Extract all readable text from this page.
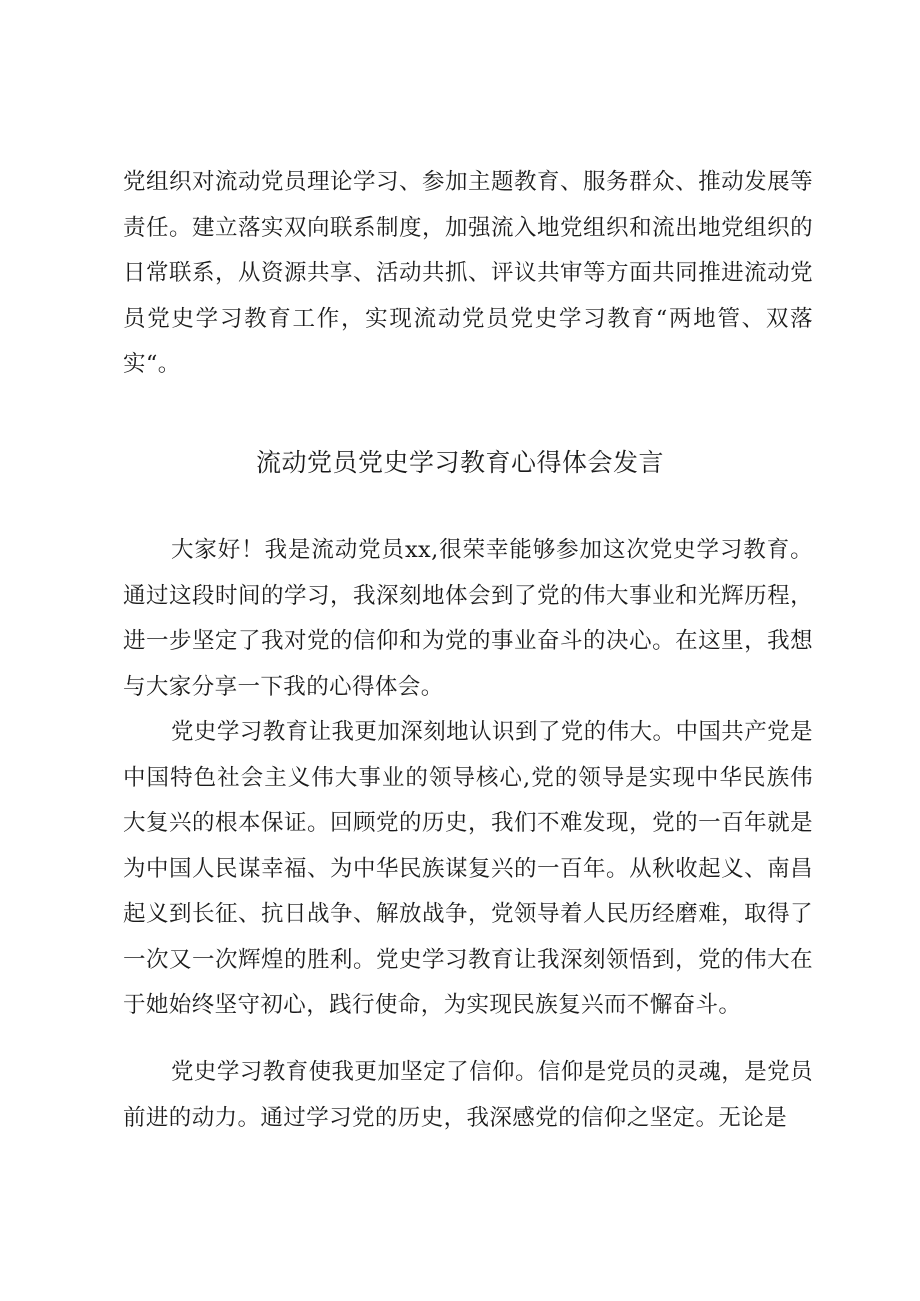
党组织对流动党员理论学习、参加主题教育、服务群众、推动发展等责任。建立落实双向联系制度，加强流入地党组织和流出地党组织的日常联系，从资源共享、活动共抓、评议共审等方面共同推进流动党员党史学习教育工作，实现流动党员党史学习教育“两地管、双落实“。

流动党员党史学习教育心得体会发言

大家好！我是流动党员xx,很荣幸能够参加这次党史学习教育。通过这段时间的学习，我深刻地体会到了党的伟大事业和光辉历程，进一步坚定了我对党的信仰和为党的事业奋斗的决心。在这里，我想与大家分享一下我的心得体会。

党史学习教育让我更加深刻地认识到了党的伟大。中国共产党是中国特色社会主义伟大事业的领导核心,党的领导是实现中华民族伟大复兴的根本保证。回顾党的历史，我们不难发现，党的一百年就是为中国人民谋幸福、为中华民族谋复兴的一百年。从秋收起义、南昌起义到长征、抗日战争、解放战争，党领导着人民历经磨难，取得了一次又一次辉煌的胜利。党史学习教育让我深刻领悟到，党的伟大在于她始终坚守初心，践行使命，为实现民族复兴而不懈奋斗。

党史学习教育使我更加坚定了信仰。信仰是党员的灵魂，是党员前进的动力。通过学习党的历史，我深感党的信仰之坚定。无论是
